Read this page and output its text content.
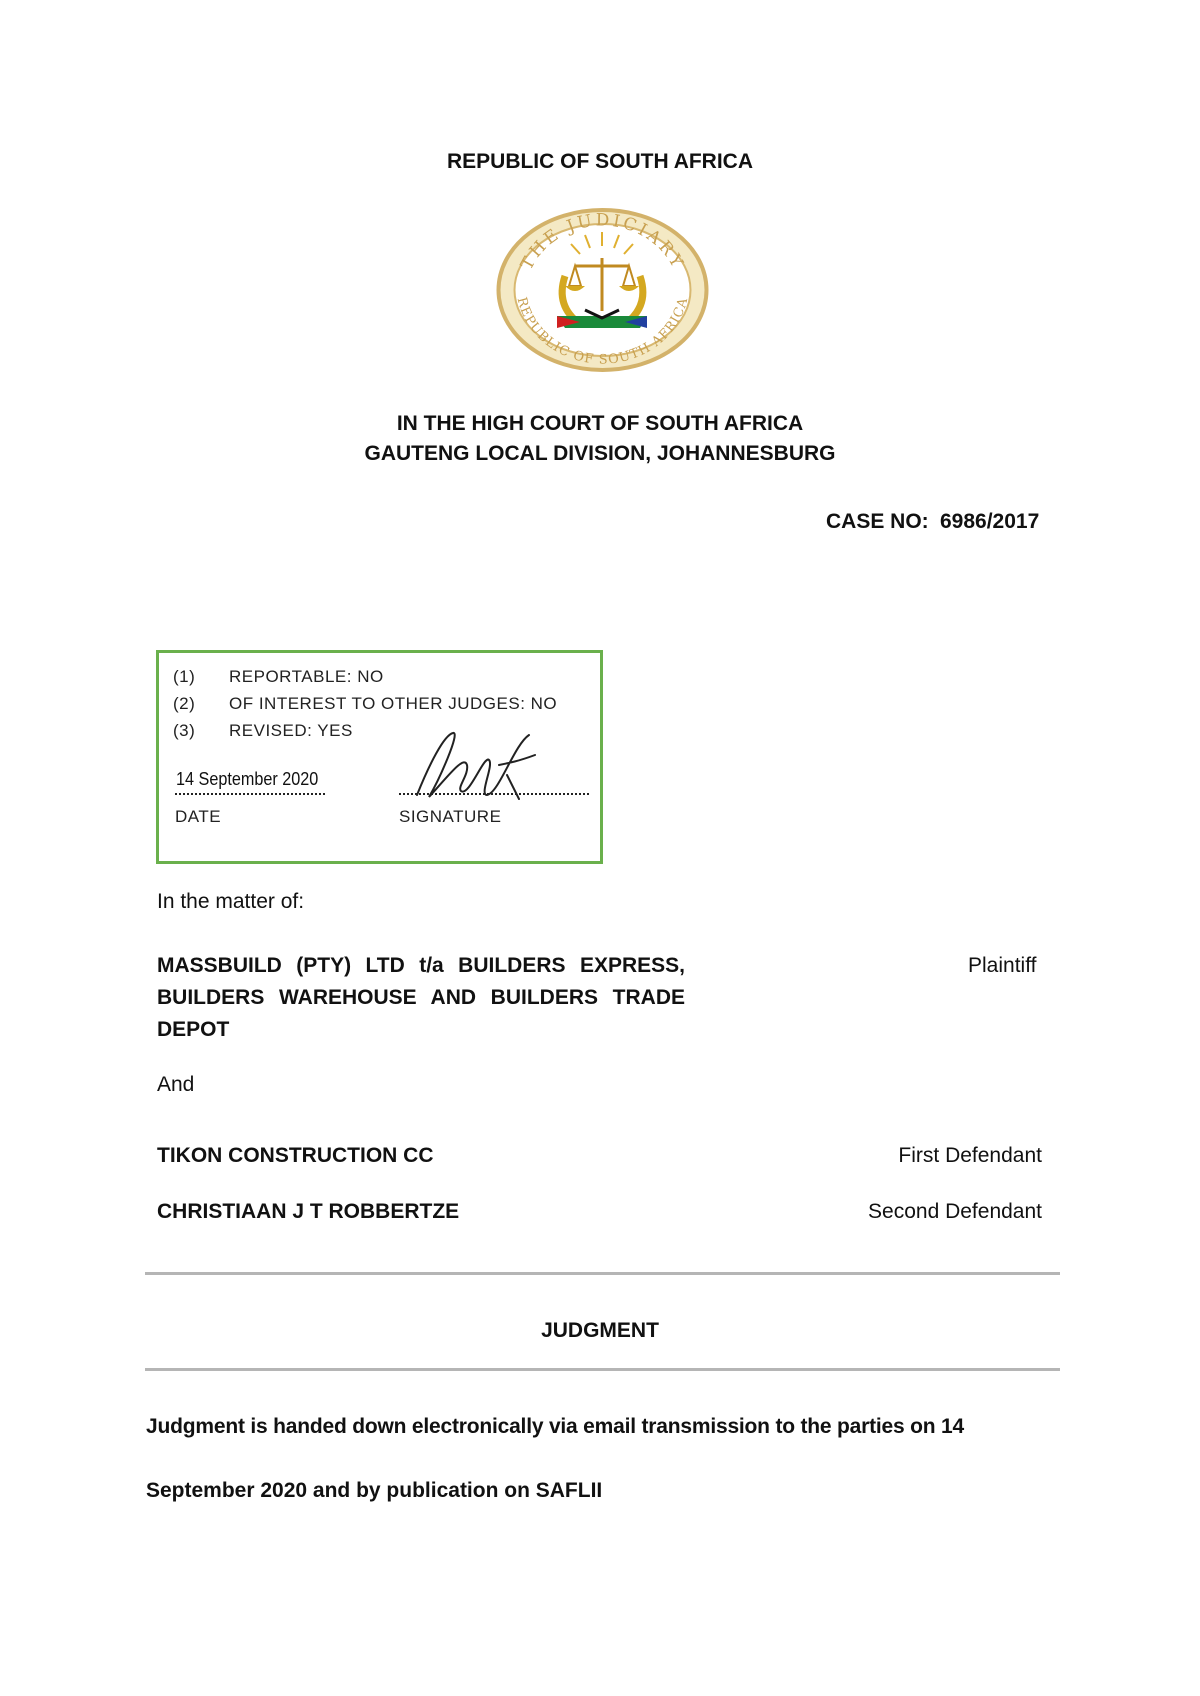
REPUBLIC OF SOUTH AFRICA
THE JUDICIARY
REPUBLIC OF SOUTH AFRICA
IN THE HIGH COURT OF SOUTH AFRICA
GAUTENG LOCAL DIVISION, JOHANNESBURG
CASE NO: 6986/2017
(1) REPORTABLE: NO
(2) OF INTEREST TO OTHER JUDGES: NO
(3) REVISED: YES
14 September 2020
DATE	SIGNATURE
In the matter of:
MASSBUILD (PTY) LTD t/a BUILDERS EXPRESS,
BUILDERS WAREHOUSE AND BUILDERS TRADE
DEPOT
Plaintiff
And
TIKON CONSTRUCTION CC	First Defendant
CHRISTIAAN J T ROBBERTZE	Second Defendant
JUDGMENT
Judgment is handed down electronically via email transmission to the parties on 14
September 2020 and by publication on SAFLII
